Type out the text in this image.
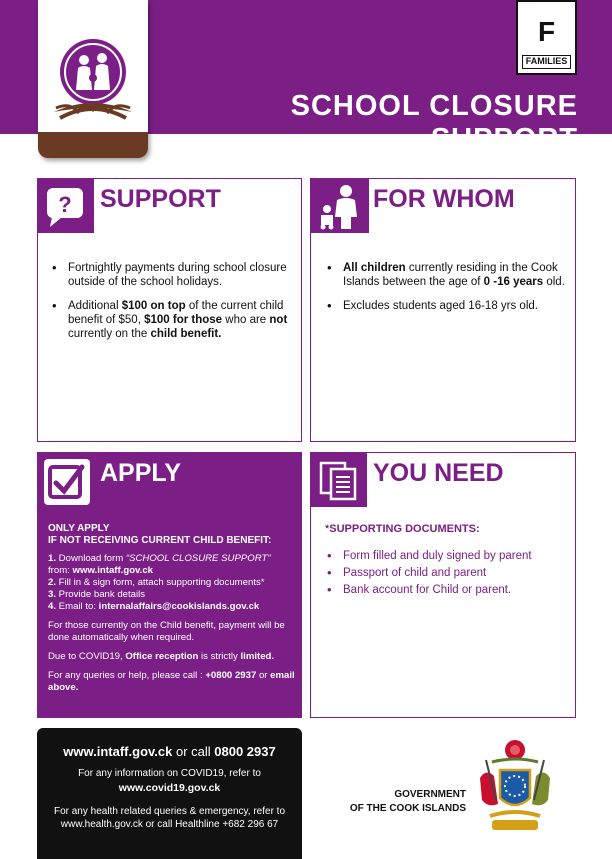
F
FAMILIES
SCHOOL CLOSURE SUPPORT
? SUPPORT
• Fortnightly payments during school closure outside of the school holidays.
• Additional $100 on top of the current child benefit of $50, $100 for those who are not currently on the child benefit.
FOR WHOM
• All children currently residing in the Cook Islands between the age of 0 -16 years old.
• Excludes students aged 16-18 yrs old.
APPLY
ONLY APPLY
IF NOT RECEIVING CURRENT CHILD BENEFIT:
1. Download form “SCHOOL CLOSURE SUPPORT”
from: www.intaff.gov.ck
2. Fill in & sign form, attach supporting documents*
3. Provide bank details
4. Email to: internalaffairs@cookislands.gov.ck

For those currently on the Child benefit, payment will be done automatically when required.

Due to COVID19, Office reception is strictly limited.

For any queries or help, please call : +0800 2937 or email above.

YOU NEED
*SUPPORTING DOCUMENTS:
• Form filled and duly signed by parent
• Passport of child and parent
• Bank account for Child or parent.
www.intaff.gov.ck or call 0800 2937
For any information on COVID19, refer to
www.covid19.gov.ck
For any health related queries & emergency, refer to
www.health.gov.ck or call Healthline +682 296 67
GOVERNMENT
OF THE COOK ISLANDS
